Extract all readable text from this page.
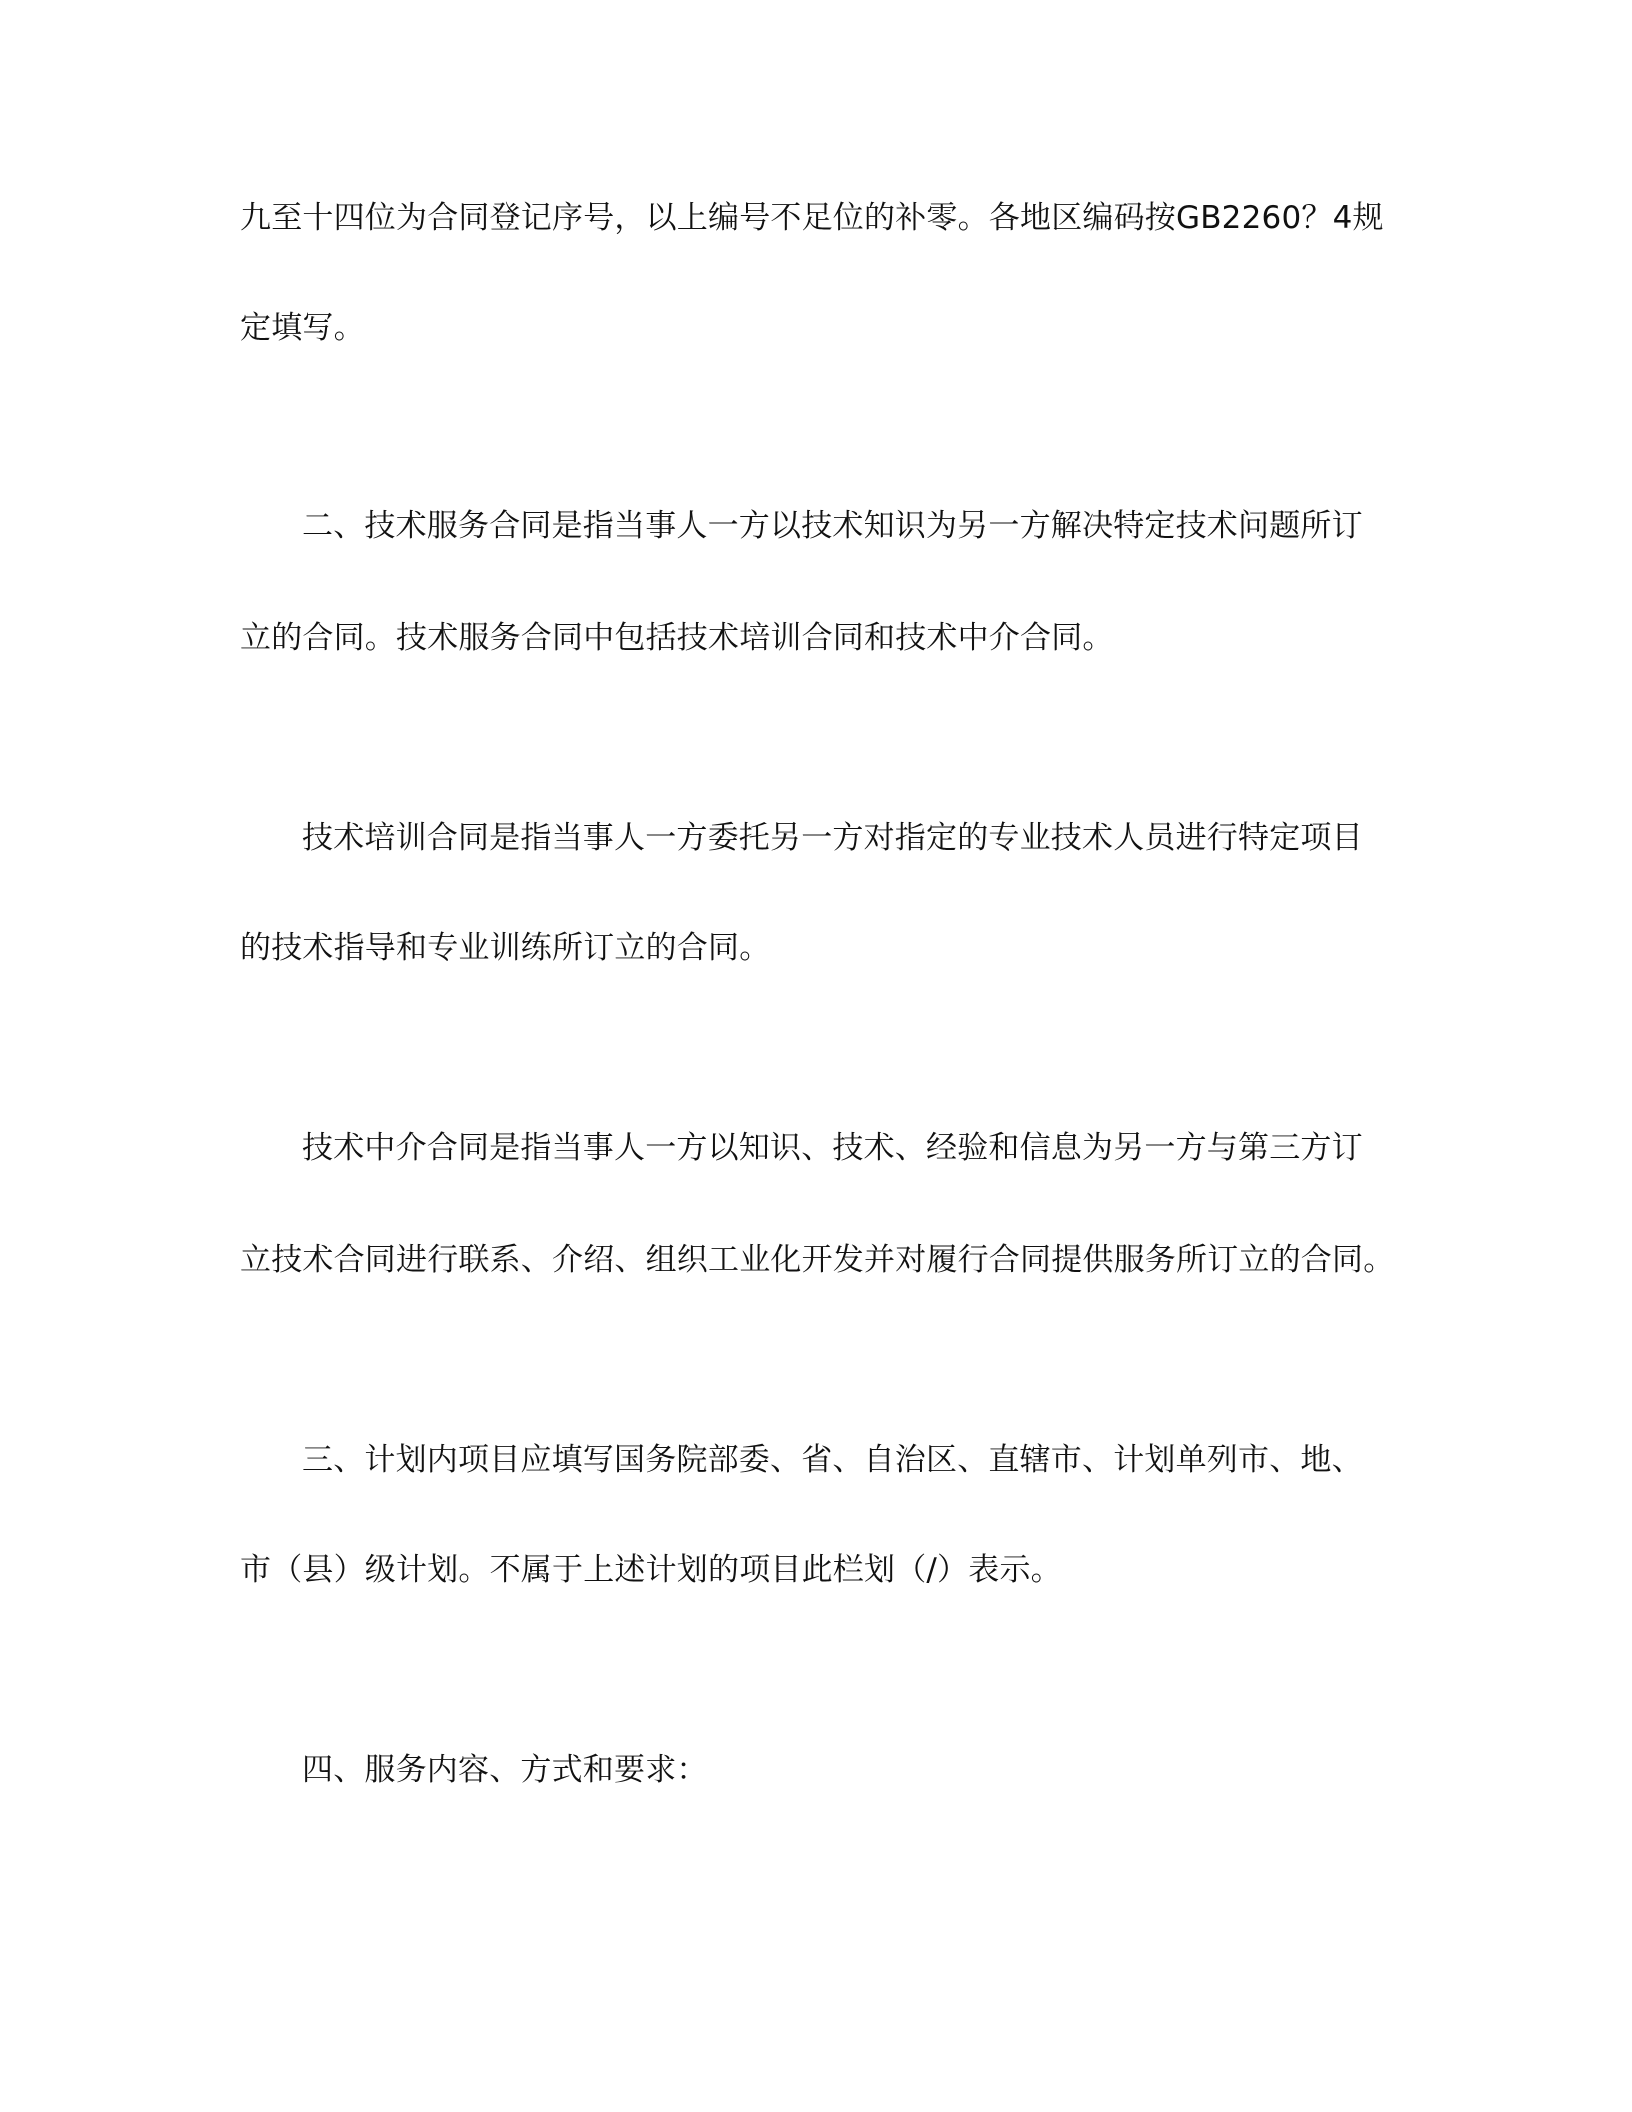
九至十四位为合同登记序号，以上编号不足位的补零。各地区编码按GB2260？4规
定填写。
二、技术服务合同是指当事人一方以技术知识为另一方解决特定技术问题所订
立的合同。技术服务合同中包括技术培训合同和技术中介合同。
技术培训合同是指当事人一方委托另一方对指定的专业技术人员进行特定项目
的技术指导和专业训练所订立的合同。
技术中介合同是指当事人一方以知识、技术、经验和信息为另一方与第三方订
立技术合同进行联系、介绍、组织工业化开发并对履行合同提供服务所订立的合同。
三、计划内项目应填写国务院部委、省、自治区、直辖市、计划单列市、地、
市（县）级计划。不属于上述计划的项目此栏划（/）表示。
四、服务内容、方式和要求：
